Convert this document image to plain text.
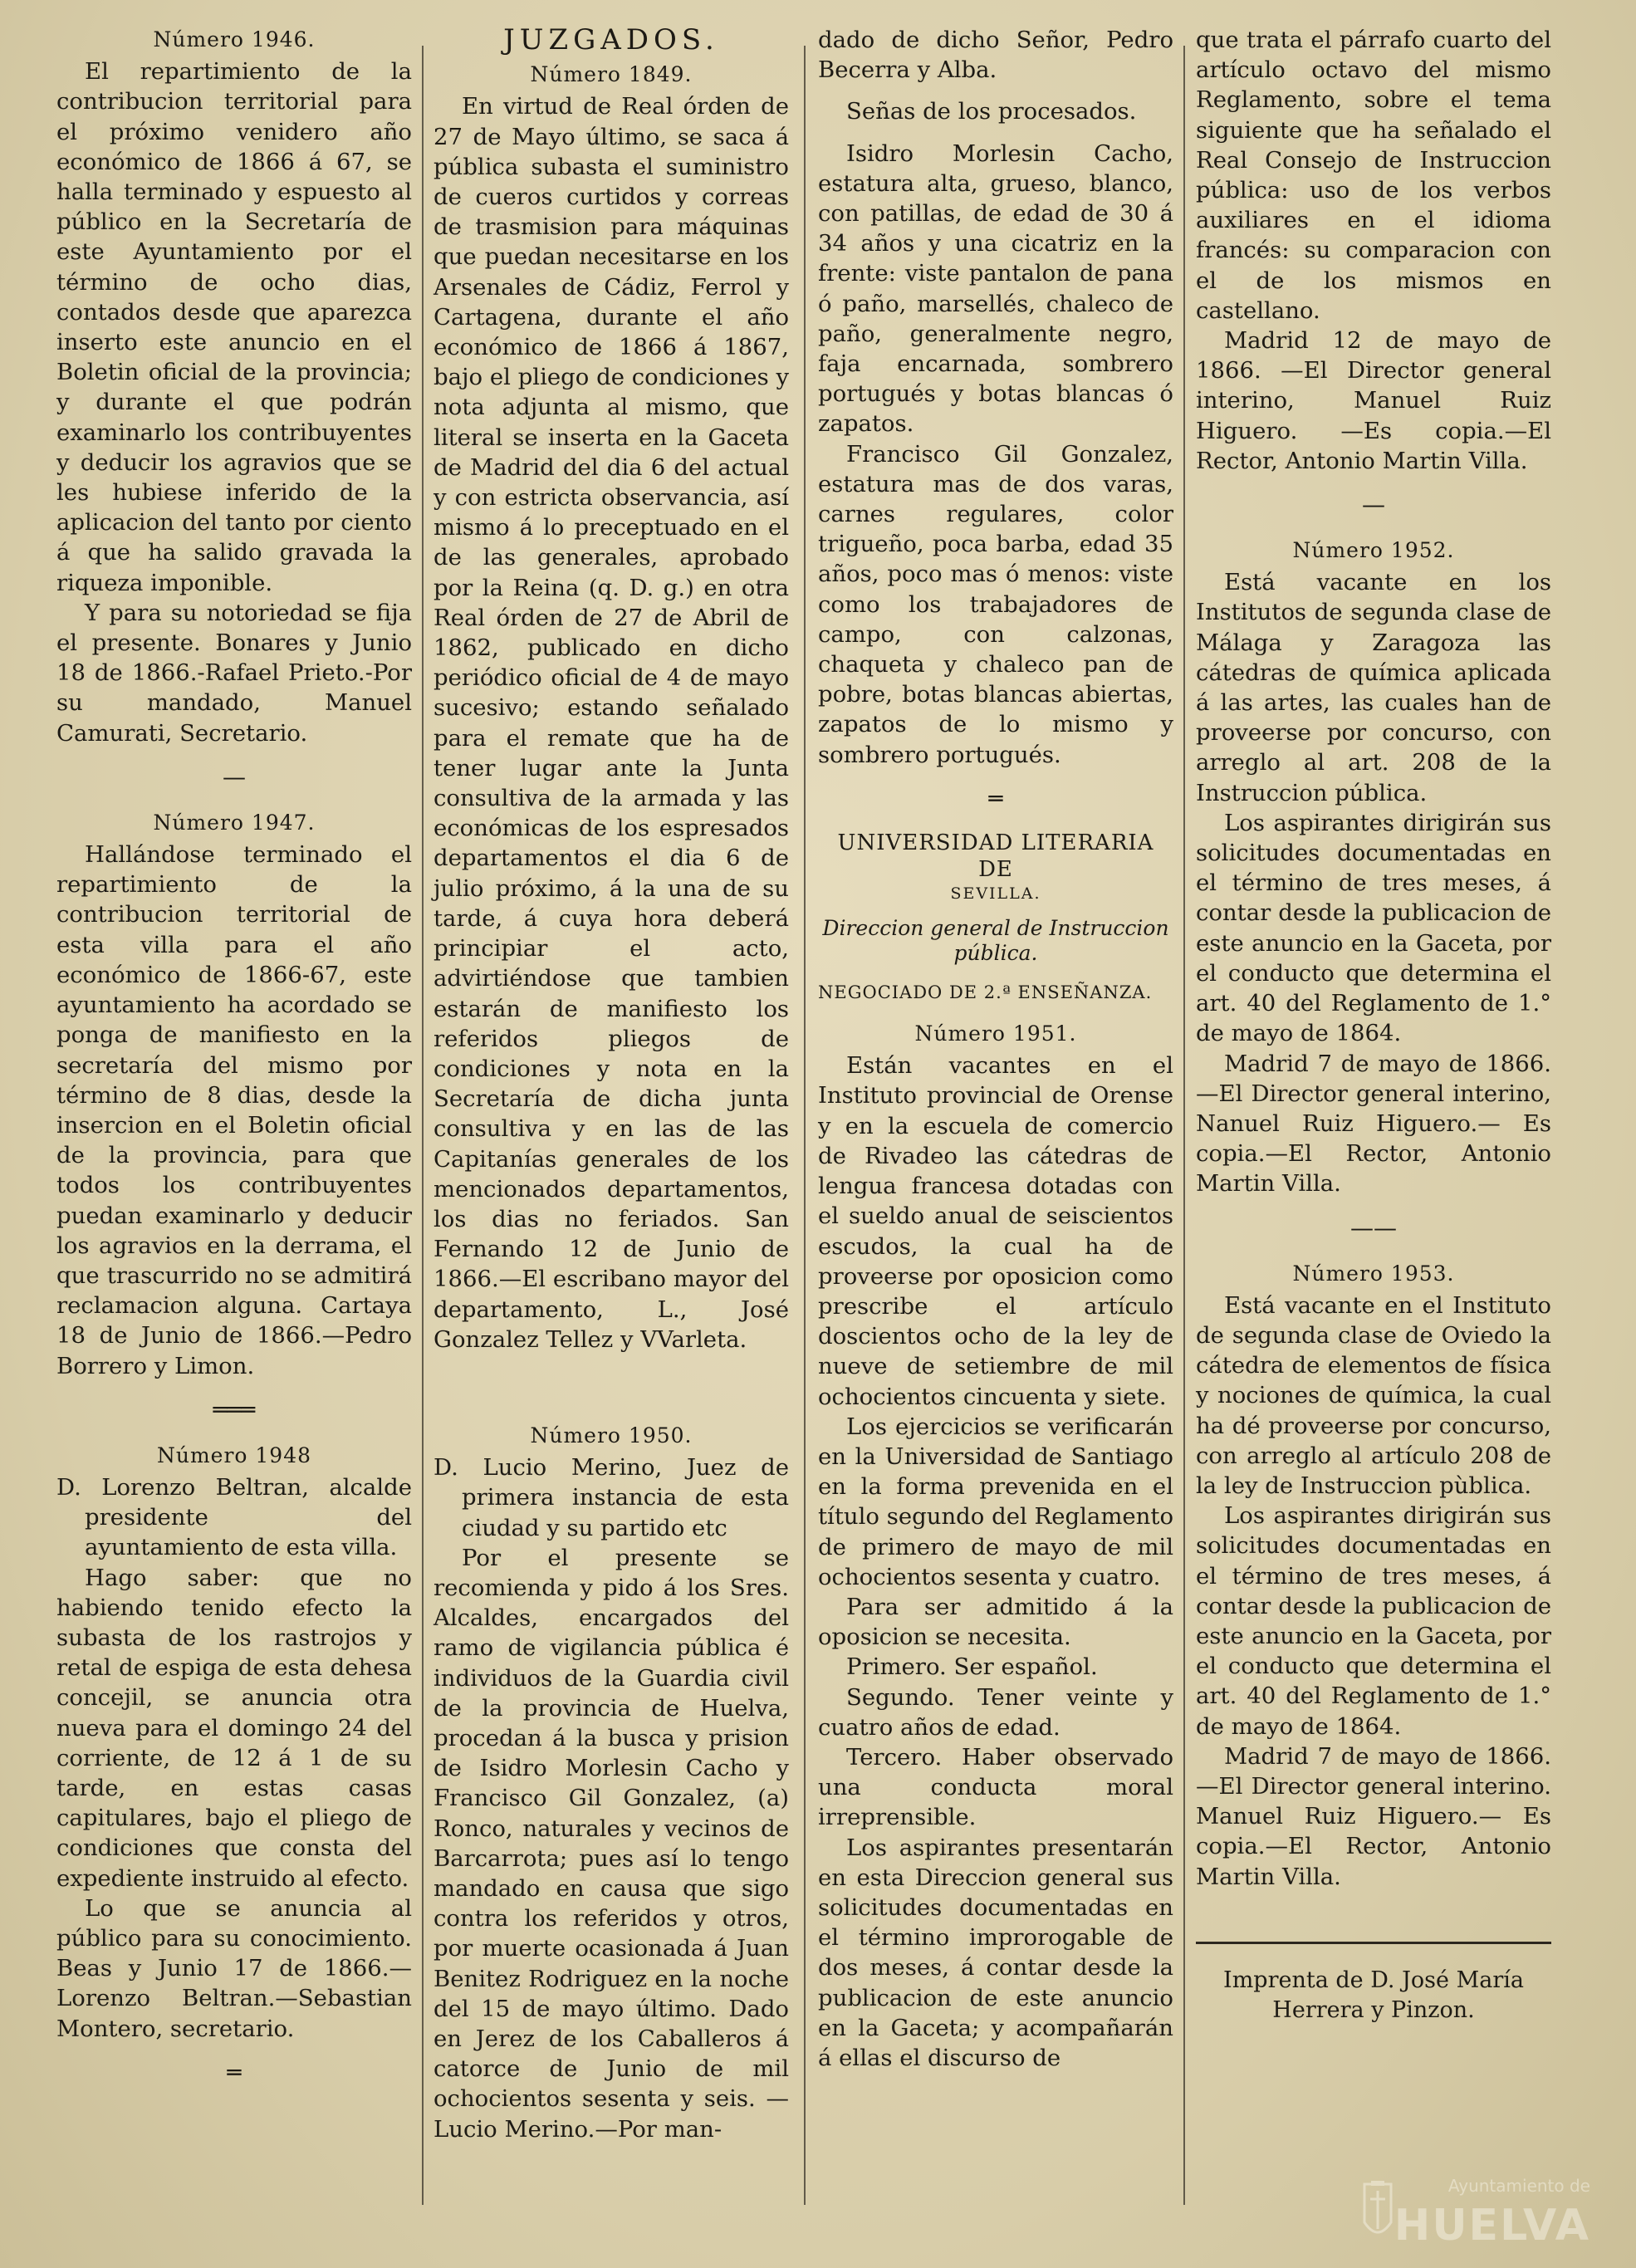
Número 1946.

El repartimiento de la contribucion territorial para el próximo venidero año económico de 1866 á 67, se halla terminado y espuesto al público en la Secretaría de este Ayuntamiento por el término de ocho dias, contados desde que aparezca inserto este anuncio en el Boletin oficial de la provincia; y durante el que podrán examinarlo los contribuyentes y deducir los agravios que se les hubiese inferido de la aplicacion del tanto por ciento á que ha salido gravada la riqueza imponible.

Y para su notoriedad se fija el presente. Bonares y Junio 18 de 1866.-Rafael Prieto.-Por su mandado, Manuel Camurati, Secretario.

—

Número 1947.

Hallándose terminado el repartimiento de la contribucion territorial de esta villa para el año económico de 1866-67, este ayuntamiento ha acordado se ponga de manifiesto en la secretaría del mismo por término de 8 dias, desde la insercion en el Boletin oficial de la provincia, para que todos los contribuyentes puedan examinarlo y deducir los agravios en la derrama, el que trascurrido no se admitirá reclamacion alguna. Cartaya 18 de Junio de 1866.—Pedro Borrero y Limon.

═══

Número 1948

D. Lorenzo Beltran, alcalde presidente del ayuntamiento de esta villa.

Hago saber: que no habiendo tenido efecto la subasta de los rastrojos y retal de espiga de esta dehesa concejil, se anuncia otra nueva para el domingo 24 del corriente, de 12 á 1 de su tarde, en estas casas capitulares, bajo el pliego de condiciones que consta del expediente instruido al efecto.

Lo que se anuncia al público para su conocimiento. Beas y Junio 17 de 1866.—Lorenzo Beltran.—Sebastian Montero, secretario.

═

JUZGADOS.

Número 1849.

En virtud de Real órden de 27 de Mayo último, se saca á pública subasta el suministro de cueros curtidos y correas de trasmision para máquinas que puedan necesitarse en los Arsenales de Cádiz, Ferrol y Cartagena, durante el año económico de 1866 á 1867, bajo el pliego de condiciones y nota adjunta al mismo, que literal se inserta en la Gaceta de Madrid del dia 6 del actual y con estricta observancia, así mismo á lo preceptuado en el de las generales, aprobado por la Reina (q. D. g.) en otra Real órden de 27 de Abril de 1862, publicado en dicho periódico oficial de 4 de mayo sucesivo; estando señalado para el remate que ha de tener lugar ante la Junta consultiva de la armada y las económicas de los espresados departamentos el dia 6 de julio próximo, á la una de su tarde, á cuya hora deberá principiar el acto, advirtiéndose que tambien estarán de manifiesto los referidos pliegos de condiciones y nota en la Secretaría de dicha junta consultiva y en las de las Capitanías generales de los mencionados departamentos, los dias no feriados. San Fernando 12 de Junio de 1866.—El escribano mayor del departamento, L., José Gonzalez Tellez y VVarleta.

Número 1950.

D. Lucio Merino, Juez de primera instancia de esta ciudad y su partido etc

Por el presente se recomienda y pido á los Sres. Alcaldes, encargados del ramo de vigilancia pública é individuos de la Guardia civil de la provincia de Huelva, procedan á la busca y prision de Isidro Morlesin Cacho y Francisco Gil Gonzalez, (a) Ronco, naturales y vecinos de Barcarrota; pues así lo tengo mandado en causa que sigo contra los referidos y otros, por muerte ocasionada á Juan Benitez Rodriguez en la noche del 15 de mayo último. Dado en Jerez de los Caballeros á catorce de Junio de mil ochocientos sesenta y seis. —Lucio Merino.—Por man-

dado de dicho Señor, Pedro Becerra y Alba.

Señas de los procesados.

Isidro Morlesin Cacho, estatura alta, grueso, blanco, con patillas, de edad de 30 á 34 años y una cicatriz en la frente: viste pantalon de pana ó paño, marsellés, chaleco de paño, generalmente negro, faja encarnada, sombrero portugués y botas blancas ó zapatos.

Francisco Gil Gonzalez, estatura mas de dos varas, carnes regulares, color trigueño, poca barba, edad 35 años, poco mas ó menos: viste como los trabajadores de campo, con calzonas, chaqueta y chaleco pan de pobre, botas blancas abiertas, zapatos de lo mismo y sombrero portugués.

═

UNIVERSIDAD LITERARIA DE

SEVILLA.

Direccion general de Instruccion pública.

NEGOCIADO DE 2.ª ENSEÑANZA.

Número 1951.

Están vacantes en el Instituto provincial de Orense y en la escuela de comercio de Rivadeo las cátedras de lengua francesa dotadas con el sueldo anual de seiscientos escudos, la cual ha de proveerse por oposicion como prescribe el artículo doscientos ocho de la ley de nueve de setiembre de mil ochocientos cincuenta y siete.

Los ejercicios se verificarán en la Universidad de Santiago en la forma prevenida en el título segundo del Reglamento de primero de mayo de mil ochocientos sesenta y cuatro.

Para ser admitido á la oposicion se necesita.

Primero. Ser español.

Segundo. Tener veinte y cuatro años de edad.

Tercero. Haber observado una conducta moral irreprensible.

Los aspirantes presentarán en esta Direccion general sus solicitudes documentadas en el término improrogable de dos meses, á contar desde la publicacion de este anuncio en la Gaceta; y acompañarán á ellas el discurso de

que trata el párrafo cuarto del artículo octavo del mismo Reglamento, sobre el tema siguiente que ha señalado el Real Consejo de Instruccion pública: uso de los verbos auxiliares en el idioma francés: su comparacion con el de los mismos en castellano.

Madrid 12 de mayo de 1866. —El Director general interino, Manuel Ruiz Higuero. —Es copia.—El Rector, Antonio Martin Villa.

—

Número 1952.

Está vacante en los Institutos de segunda clase de Málaga y Zaragoza las cátedras de química aplicada á las artes, las cuales han de proveerse por concurso, con arreglo al art. 208 de la Instruccion pública.

Los aspirantes dirigirán sus solicitudes documentadas en el término de tres meses, á contar desde la publicacion de este anuncio en la Gaceta, por el conducto que determina el art. 40 del Reglamento de 1.° de mayo de 1864.

Madrid 7 de mayo de 1866. —El Director general interino, Nanuel Ruiz Higuero.— Es copia.—El Rector, Antonio Martin Villa.

——

Número 1953.

Está vacante en el Instituto de segunda clase de Oviedo la cátedra de elementos de física y nociones de química, la cual ha dé proveerse por concurso, con arreglo al artículo 208 de la ley de Instruccion pùblica.

Los aspirantes dirigirán sus solicitudes documentadas en el término de tres meses, á contar desde la publicacion de este anuncio en la Gaceta, por el conducto que determina el art. 40 del Reglamento de 1.° de mayo de 1864.

Madrid 7 de mayo de 1866. —El Director general interino. Manuel Ruiz Higuero.— Es copia.—El Rector, Antonio Martin Villa.

Imprenta de D. José María Herrera y Pinzon.

Ayuntamiento de
HUELVA
